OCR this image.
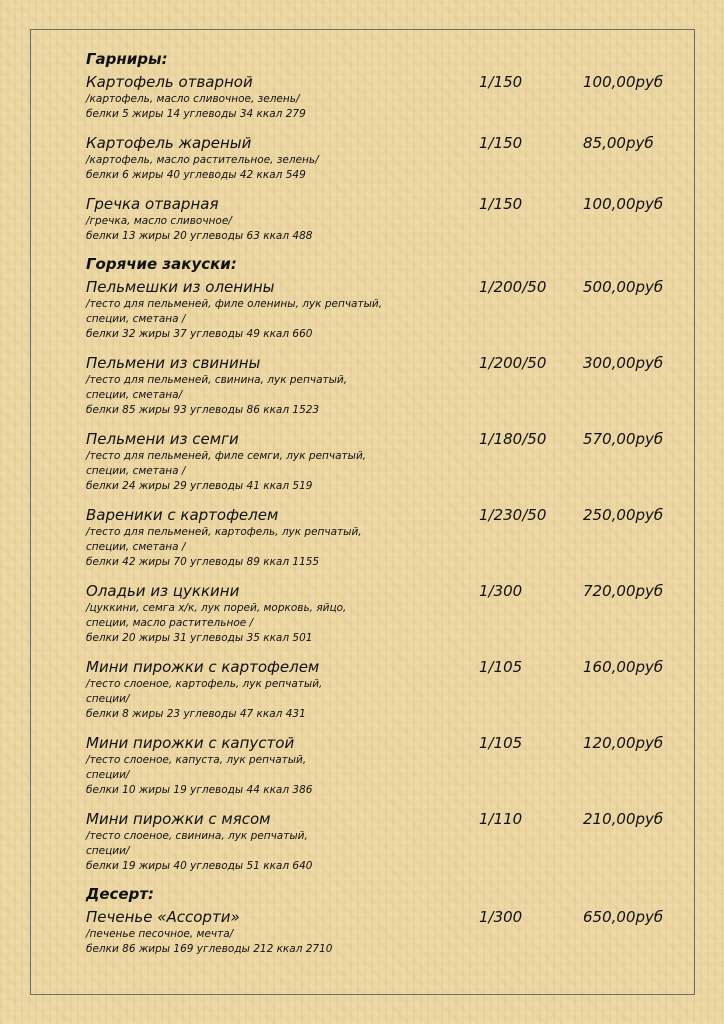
Гарниры:
Картофель отварной	1/150	100,00руб
/картофель, масло сливочное, зелень/
белки 5 жиры 14 углеводы 34 ккал 279
Картофель жареный	1/150	85,00руб
/картофель, масло растительное, зелень/
белки 6 жиры 40 углеводы 42 ккал 549
Гречка отварная	1/150	100,00руб
/гречка, масло сливочное/
белки 13 жиры 20 углеводы 63 ккал 488
Горячие закуски:
Пельмешки из оленины	1/200/50 500,00руб
/тесто для пельменей, филе оленины, лук репчатый,
специи, сметана /
белки 32 жиры 37 углеводы 49 ккал 660
Пельмени из свинины	1/200/50 300,00руб
/тесто для пельменей, свинина, лук репчатый,
специи, сметана/
белки 85 жиры 93 углеводы 86 ккал 1523
Пельмени из семги	1/180/50 570,00руб
/тесто для пельменей, филе семги, лук репчатый,
специи, сметана /
белки 24 жиры 29 углеводы 41 ккал 519
Вареники с картофелем	1/230/50 250,00руб
/тесто для пельменей, картофель, лук репчатый,
специи, сметана /
белки 42 жиры 70 углеводы 89 ккал 1155
Оладьи из цуккини	1/300	720,00руб
/цуккини, семга х/к, лук порей, морковь, яйцо,
специи, масло растительное /
белки 20 жиры 31 углеводы 35 ккал 501
Мини пирожки с картофелем	1/105	160,00руб
/тесто слоеное, картофель, лук репчатый,
специи/
белки 8 жиры 23 углеводы 47 ккал 431
Мини пирожки с капустой	1/105	120,00руб
/тесто слоеное, капуста, лук репчатый,
специи/
белки 10 жиры 19 углеводы 44 ккал 386
Мини пирожки с мясом	1/110	210,00руб
/тесто слоеное, свинина, лук репчатый,
специи/
белки 19 жиры 40 углеводы 51 ккал 640
Десерт:
Печенье «Ассорти»	1/300	650,00руб
/печенье песочное, мечта/
белки 86 жиры 169 углеводы 212 ккал 2710
